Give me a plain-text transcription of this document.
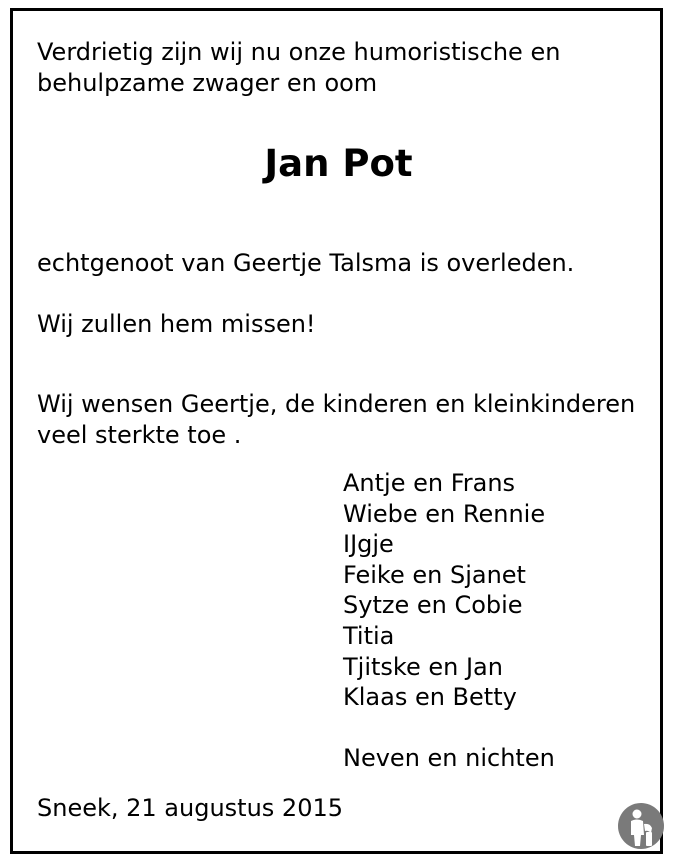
Verdrietig zijn wij nu onze humoristische en

behulpzame zwager en oom

Jan Pot

echtgenoot van Geertje Talsma is overleden.

Wij zullen hem missen!

Wij wensen Geertje, de kinderen en kleinkinderen

veel sterkte toe .

Antje en Frans
Wiebe en Rennie
IJgje
Feike en Sjanet
Sytze en Cobie
Titia
Tjitske en Jan
Klaas en Betty

Neven en nichten

Sneek, 21 augustus 2015
